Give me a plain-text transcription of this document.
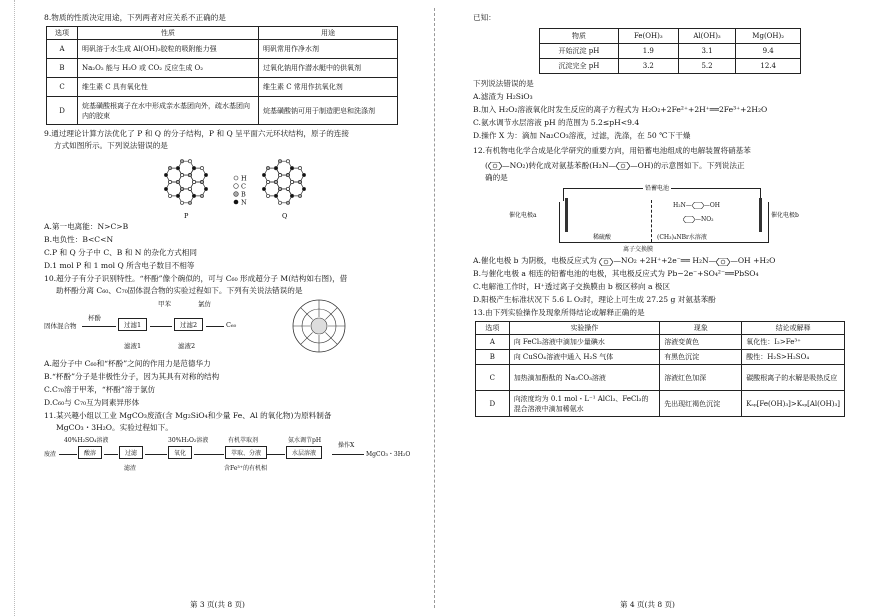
8.物质的性质决定用途，下列两者对应关系不正确的是

选项	性质	用途
A	明矾溶于水生成 Al(OH)₃胶粒的吸附能力强	明矾常用作净水剂
B	Na₂O₂ 能与 H₂O 或 CO₂ 反应生成 O₂	过氧化钠用作潜水艇中的供氧剂
C	维生素 C 具有氧化性	维生素 C 常用作抗氧化剂
D	烷基磺酸根离子在水中形成亲水基团向外，疏水基团向内的胶束	烷基磺酸钠可用于制造肥皂和洗涤剂

9.通过理论计算方法优化了 P 和 Q 的分子结构，P 和 Q 呈平面六元环状结构，原子的连接

方式如图所示。下列说法错误的是

H
C
B
N
P	Q

A.第一电离能：N>C>B

B.电负性：B<C<N

C.P 和 Q 分子中 C、B 和 N 的杂化方式相同

D.1 mol P 和 1 mol Q 所含电子数目不相等

10.超分子有分子识别特性。“杯酚”像个碗似的，可与 C₆₀ 形成超分子 M(结构如右图)，借

助杯酚分离 C₆₀、C₇₀固体混合物的实验过程如下。下列有关说法错误的是

固体混合物
杯酚
过滤1
甲苯
过滤2
氯仿
C₆₀
滤液1	滤液2

A.超分子中 C₆₀和“杯酚”之间的作用力是范德华力

B.“杯酚”分子是非极性分子，因为其具有对称的结构

C.C₇₀溶于甲苯，“杯酚”溶于氯仿

D.C₆₀与 C₇₀互为同素异形体

11.某兴趣小组以工业 MgCO₃废渣(含 Mg₂SiO₄和少量 Fe、Al 的氧化物)为原料制备

MgCO₃・3H₂O。实验过程如下。

40%H₂SO₄溶液	30%H₂O₂溶液	有机萃取剂	氨水调节pH
废渣	酸溶	过滤	氧化	萃取、分液	水层溶液
操作X
MgCO₃・3H₂O
滤渣	含Fe³⁺的有机相
第 3 页(共 8 页)

已知：

物质	Fe(OH)₃	Al(OH)₃	Mg(OH)₂
开始沉淀 pH	1.9	3.1	9.4
沉淀完全 pH	3.2	5.2	12.4

下列说法错误的是

A.滤渣为 H₂SiO₃

B.加入 H₂O₂溶液氧化时发生反应的离子方程式为 H₂O₂+2Fe²⁺+2H⁺══2Fe³⁺+2H₂O

C.氨水调节水层溶液 pH 的范围为 5.2≤pH<9.4

D.操作 X 为：滴加 Na₂CO₃溶液，过滤，洗涤，在 50 ℃下干燥

12.有机物电化学合成是化学研究的重要方向，用铅蓄电池组成的电解装置将硝基苯

( —NO₂)转化成对氨基苯酚(H₂N— —OH)的示意图如下。下列说法正

确的是

铅蓄电池
催化电极a	催化电极b
稀硫酸	(CH₃)₄NBr水溶液
离子交换膜
H₂N— —OH
—NO₂

A.催化电极 b 为阴极，电极反应式为 —NO₂ +2H⁺+2e⁻══ H₂N— —OH +H₂O

B.与催化电极 a 相连的铅蓄电池的电极，其电极反应式为 Pb−2e⁻+SO₄²⁻══PbSO₄

C.电解池工作时，H⁺透过离子交换膜由 b 极区移向 a 极区

D.阳极产生标准状况下 5.6 L O₂时，理论上可生成 27.25 g 对氨基苯酚

13.由下列实验操作及现象所得结论或解释正确的是

选项	实验操作	现象	结论或解释
A	向 FeCl₂溶液中滴加少量碘水	溶液变黄色	氧化性：I₂>Fe³⁺
B	向 CuSO₄溶液中通入 H₂S 气体	有黑色沉淀	酸性：H₂S>H₂SO₄
C	加热滴加酚酞的 Na₂CO₃溶液	溶液红色加深	碳酸根离子的水解是吸热反应
D	向浓度均为 0.1 mol・L⁻¹ AlCl₃、FeCl₃的混合溶液中滴加稀氨水	先出现红褐色沉淀	Kₛₚ[Fe(OH)₃]>Kₛₚ[Al(OH)₃]
第 4 页(共 8 页)
